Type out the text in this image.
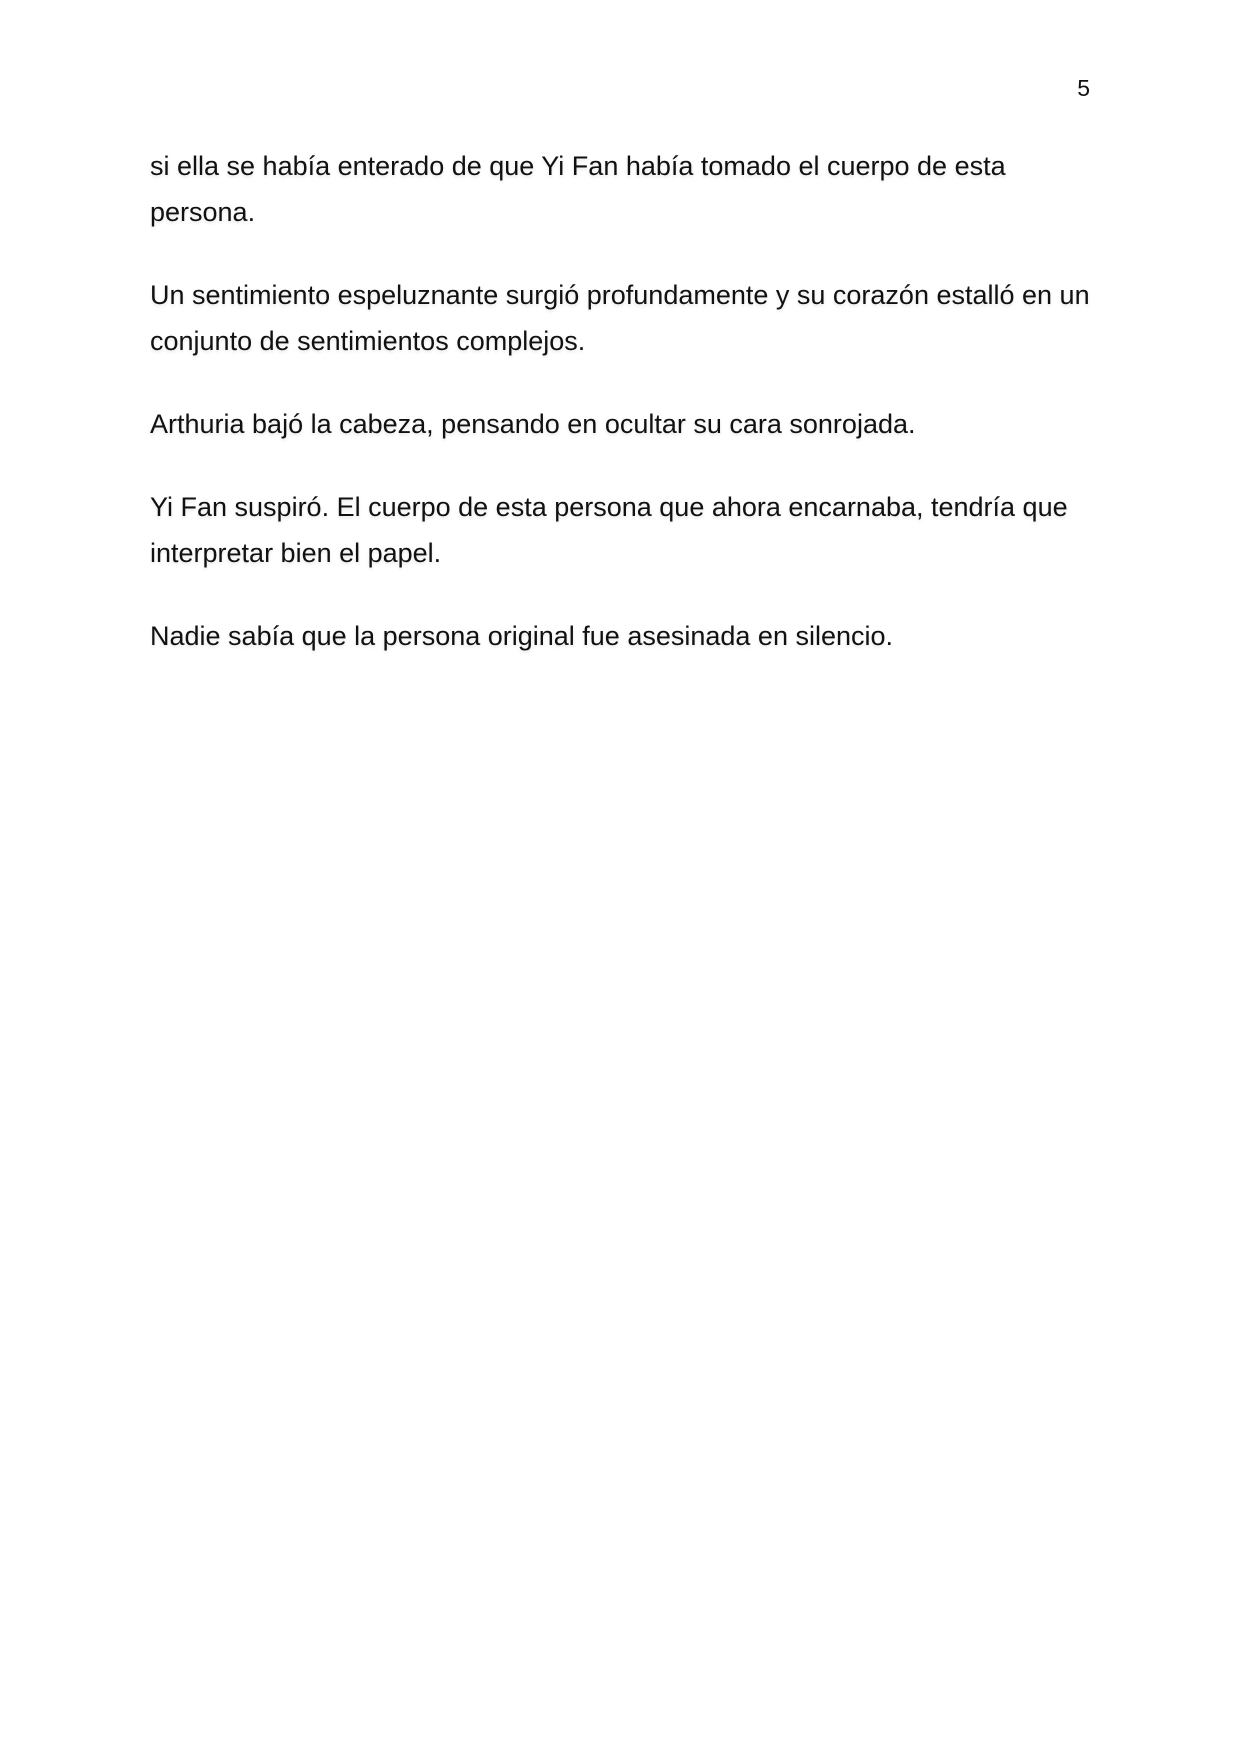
5

si ella se había enterado de que Yi Fan había tomado el cuerpo de esta persona.

Un sentimiento espeluznante surgió profundamente y su corazón estalló en un conjunto de sentimientos complejos.

Arthuria bajó la cabeza, pensando en ocultar su cara sonrojada.

Yi Fan suspiró. El cuerpo de esta persona que ahora encarnaba, tendría que interpretar bien el papel.

Nadie sabía que la persona original fue asesinada en silencio.
